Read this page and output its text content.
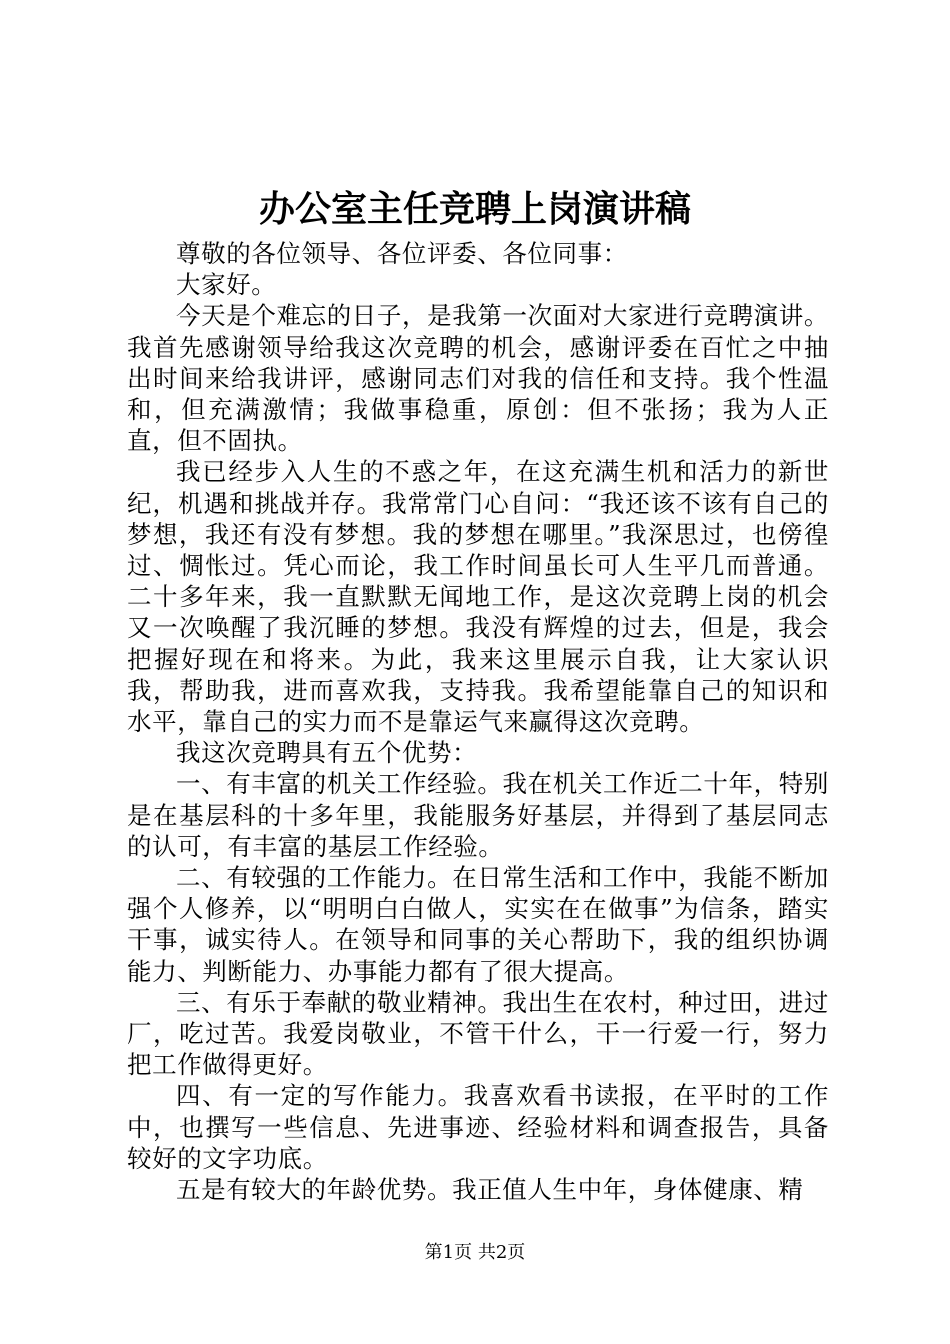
办公室主任竞聘上岗演讲稿

尊敬的各位领导、各位评委、各位同事：

大家好。

今天是个难忘的日子，是我第一次面对大家进行竞聘演讲。我首先感谢领导给我这次竞聘的机会，感谢评委在百忙之中抽出时间来给我讲评，感谢同志们对我的信任和支持。我个性温和，但充满激情；我做事稳重，原创：但不张扬；我为人正直，但不固执。

我已经步入人生的不惑之年，在这充满生机和活力的新世纪，机遇和挑战并存。我常常门心自问：“我还该不该有自己的梦想，我还有没有梦想。我的梦想在哪里。”我深思过，也傍徨过、惆怅过。凭心而论，我工作时间虽长可人生平几而普通。二十多年来，我一直默默无闻地工作，是这次竞聘上岗的机会又一次唤醒了我沉睡的梦想。我没有辉煌的过去，但是，我会把握好现在和将来。为此，我来这里展示自我，让大家认识我，帮助我，进而喜欢我，支持我。我希望能靠自己的知识和水平，靠自己的实力而不是靠运气来赢得这次竞聘。

我这次竞聘具有五个优势：

一、有丰富的机关工作经验。我在机关工作近二十年，特别是在基层科的十多年里，我能服务好基层，并得到了基层同志的认可，有丰富的基层工作经验。

二、有较强的工作能力。在日常生活和工作中，我能不断加强个人修养，以“明明白白做人，实实在在做事”为信条，踏实干事，诚实待人。在领导和同事的关心帮助下，我的组织协调能力、判断能力、办事能力都有了很大提高。

三、有乐于奉献的敬业精神。我出生在农村，种过田，进过厂，吃过苦。我爱岗敬业，不管干什么，干一行爱一行，努力把工作做得更好。

四、有一定的写作能力。我喜欢看书读报，在平时的工作中，也撰写一些信息、先进事迹、经验材料和调查报告，具备较好的文字功底。

五是有较大的年龄优势。我正值人生中年，身体健康、精

第1页 共2页
